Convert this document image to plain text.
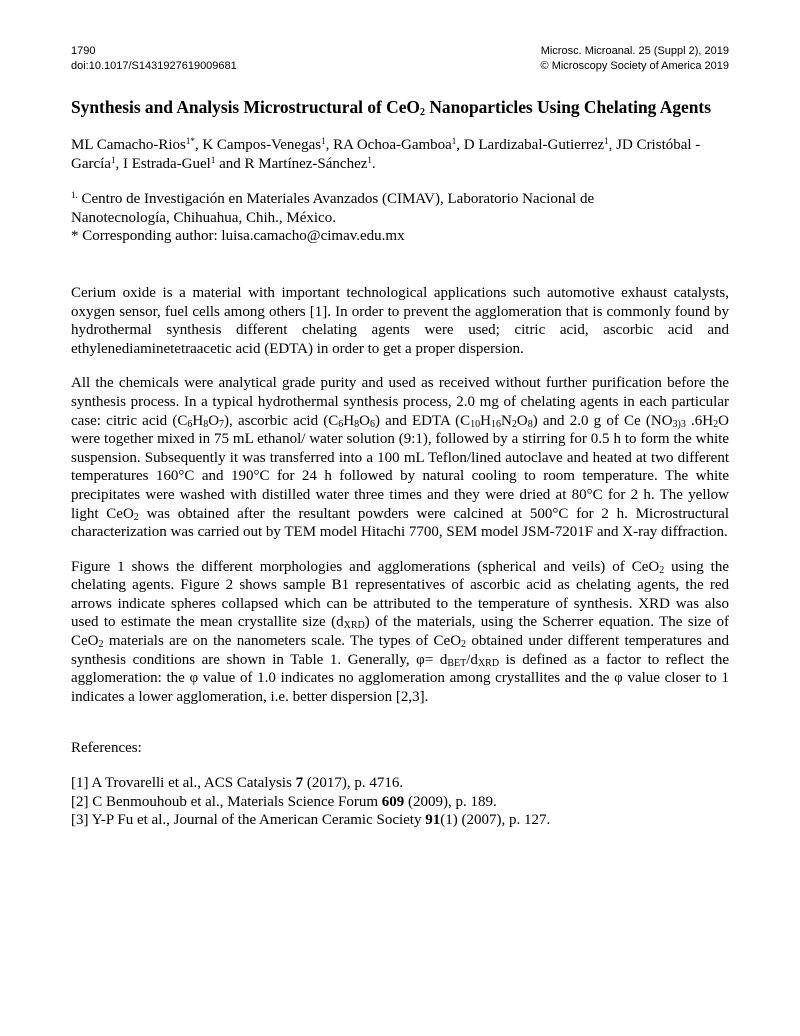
1790
doi:10.1017/S1431927619009681
Microsc. Microanal. 25 (Suppl 2), 2019
© Microscopy Society of America 2019
Synthesis and Analysis Microstructural of CeO$_2$ Nanoparticles Using Chelating Agents
ML Camacho-Rios$^{1*}$, K Campos-Venegas$^1$, RA Ochoa-Gamboa$^1$, D Lardizabal-Gutierrez$^1$, JD Cristóbal -García$^1$, I Estrada-Guel$^1$ and R Martínez-Sánchez$^1$.
$^{1.}$ Centro de Investigación en Materiales Avanzados (CIMAV), Laboratorio Nacional de
Nanotecnología, Chihuahua, Chih., México.
* Corresponding author: luisa.camacho@cimav.edu.mx

Cerium oxide is a material with important technological applications such automotive exhaust catalysts, oxygen sensor, fuel cells among others [1]. In order to prevent the agglomeration that is commonly found by hydrothermal synthesis different chelating agents were used; citric acid, ascorbic acid and ethylenediaminetetraacetic acid (EDTA) in order to get a proper dispersion.

All the chemicals were analytical grade purity and used as received without further purification before the synthesis process. In a typical hydrothermal synthesis process, 2.0 mg of chelating agents in each particular case: citric acid $(C_6H_8O_7)$, ascorbic acid $(C_6H_8O_6)$ and EDTA $(C_{10}H_{16}N_2O_8)$ and 2.0 g of Ce ($NO_{3)3}$ $.6H_2O$ were together mixed in 75 mL ethanol/ water solution (9:1), followed by a stirring for 0.5 h to form the white suspension. Subsequently it was transferred into a 100 mL Teflon/lined autoclave and heated at two different temperatures 160°C and 190°C for 24 h followed by natural cooling to room temperature. The white precipitates were washed with distilled water three times and they were dried at 80°C for 2 h. The yellow light CeO$_2$ was obtained after the resultant powders were calcined at 500°C for 2 h. Microstructural characterization was carried out by TEM model Hitachi 7700, SEM model JSM-7201F and X-ray diffraction.

Figure 1 shows the different morphologies and agglomerations (spherical and veils) of CeO$_2$ using the chelating agents. Figure 2 shows sample B1 representatives of ascorbic acid as chelating agents, the red arrows indicate spheres collapsed which can be attributed to the temperature of synthesis. XRD was also used to estimate the mean crystallite size $(d_{XRD})$ of the materials, using the Scherrer equation. The size of CeO$_2$ materials are on the nanometers scale. The types of CeO$_2$ obtained under different temperatures and synthesis conditions are shown in Table 1. Generally, $\varphi= d_{BET}/d_{XRD}$ is defined as a factor to reflect the agglomeration: the φ value of 1.0 indicates no agglomeration among crystallites and the φ value closer to 1 indicates a lower agglomeration, i.e. better dispersion [2,3].

References:
[1] A Trovarelli et al., ACS Catalysis 7 (2017), p. 4716.
[2] C Benmouhoub et al., Materials Science Forum 609 (2009), p. 189.
[3] Y-P Fu et al., Journal of the American Ceramic Society 91(1) (2007), p. 127.
